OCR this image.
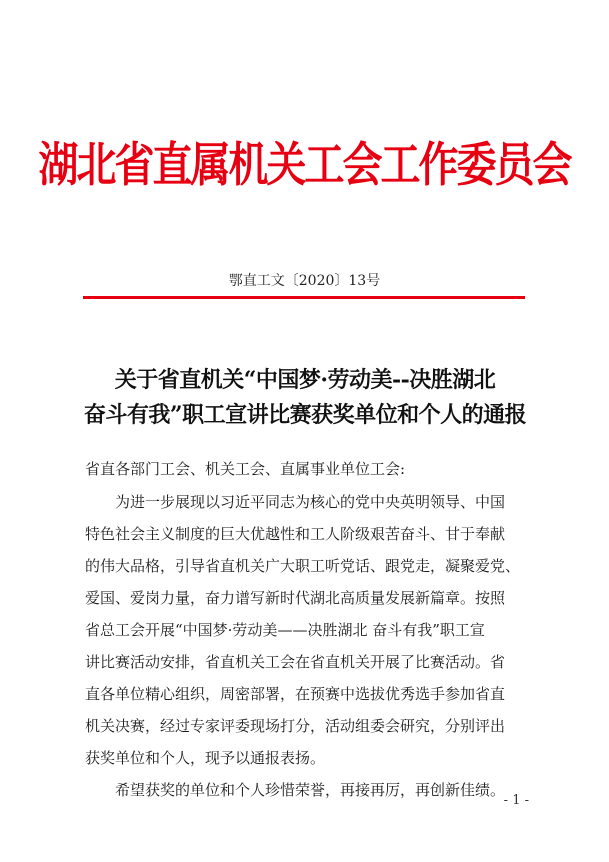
湖北省直属机关工会工作委员会
鄂直工文〔2020〕13号
关于省直机关“中国梦·劳动美--决胜湖北
奋斗有我”职工宣讲比赛获奖单位和个人的通报
省直各部门工会、机关工会、直属事业单位工会:
为进一步展现以习近平同志为核心的党中央英明领导、中国
特色社会主义制度的巨大优越性和工人阶级艰苦奋斗、甘于奉献
的伟大品格，引导省直机关广大职工听党话、跟党走，凝聚爱党、
爱国、爱岗力量，奋力谱写新时代湖北高质量发展新篇章。按照
省总工会开展“中国梦·劳动美——决胜湖北 奋斗有我”职工宣
讲比赛活动安排，省直机关工会在省直机关开展了比赛活动。省
直各单位精心组织，周密部署，在预赛中选拔优秀选手参加省直
机关决赛，经过专家评委现场打分，活动组委会研究，分别评出
获奖单位和个人，现予以通报表扬。
希望获奖的单位和个人珍惜荣誉，再接再厉，再创新佳绩。
- 1 -
